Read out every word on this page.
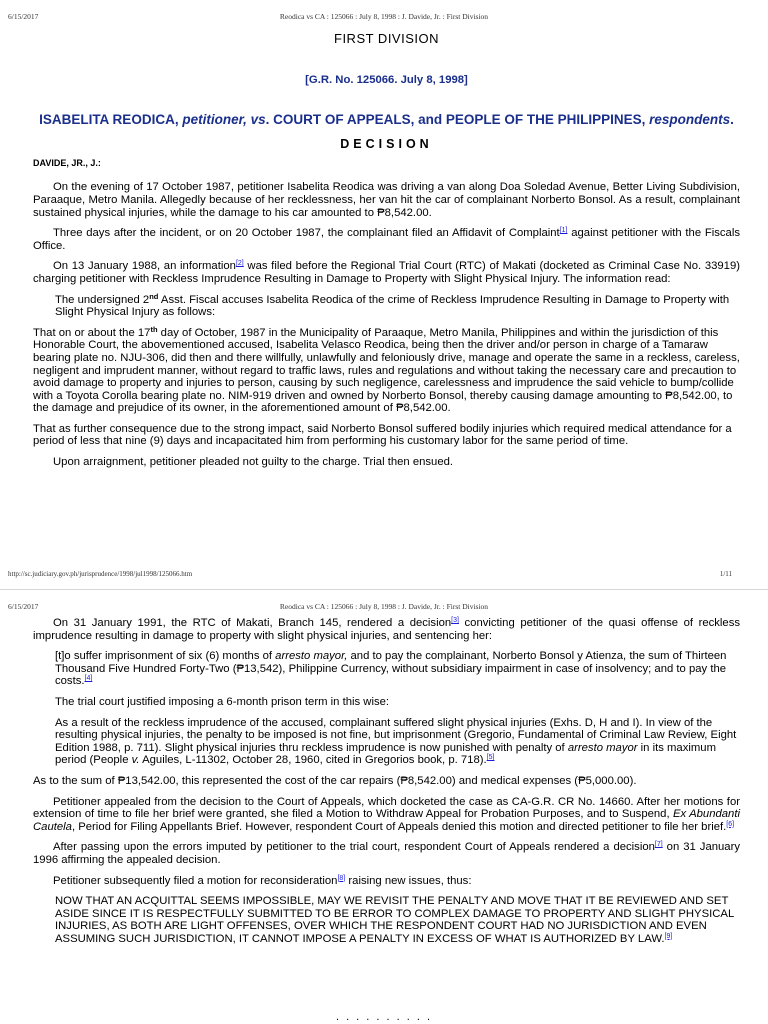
6/15/2017	Reodica vs CA : 125066 : July 8, 1998 : J. Davide, Jr. : First Division
FIRST DIVISION
[G.R. No. 125066. July 8, 1998]
ISABELITA REODICA, petitioner, vs. COURT OF APPEALS, and PEOPLE OF THE PHILIPPINES, respondents.
DECISION
DAVIDE, JR., J.:

On the evening of 17 October 1987, petitioner Isabelita Reodica was driving a van along Doa Soledad Avenue, Better Living Subdivision, Paraaque, Metro Manila. Allegedly because of her recklessness, her van hit the car of complainant Norberto Bonsol. As a result, complainant sustained physical injuries, while the damage to his car amounted to ₱8,542.00.

Three days after the incident, or on 20 October 1987, the complainant filed an Affidavit of Complaint[1] against petitioner with the Fiscals Office.

On 13 January 1988, an information[2] was filed before the Regional Trial Court (RTC) of Makati (docketed as Criminal Case No. 33919) charging petitioner with Reckless Imprudence Resulting in Damage to Property with Slight Physical Injury. The information read:

The undersigned 2nd Asst. Fiscal accuses Isabelita Reodica of the crime of Reckless Imprudence Resulting in Damage to Property with Slight Physical Injury as follows:

That on or about the 17th day of October, 1987 in the Municipality of Paraaque, Metro Manila, Philippines and within the jurisdiction of this Honorable Court, the abovementioned accused, Isabelita Velasco Reodica, being then the driver and/or person in charge of a Tamaraw bearing plate no. NJU-306, did then and there willfully, unlawfully and feloniously drive, manage and operate the same in a reckless, careless, negligent and imprudent manner, without regard to traffic laws, rules and regulations and without taking the necessary care and precaution to avoid damage to property and injuries to person, causing by such negligence, carelessness and imprudence the said vehicle to bump/collide with a Toyota Corolla bearing plate no. NIM-919 driven and owned by Norberto Bonsol, thereby causing damage amounting to ₱8,542.00, to the damage and prejudice of its owner, in the aforementioned amount of ₱8,542.00.

That as further consequence due to the strong impact, said Norberto Bonsol suffered bodily injuries which required medical attendance for a period of less that nine (9) days and incapacitated him from performing his customary labor for the same period of time.

Upon arraignment, petitioner pleaded not guilty to the charge. Trial then ensued.

http://sc.judiciary.gov.ph/jurisprudence/1998/jul1998/125066.htm	1/11
6/15/2017	Reodica vs CA : 125066 : July 8, 1998 : J. Davide, Jr. : First Division

On 31 January 1991, the RTC of Makati, Branch 145, rendered a decision[3] convicting petitioner of the quasi offense of reckless imprudence resulting in damage to property with slight physical injuries, and sentencing her:

[t]o suffer imprisonment of six (6) months of arresto mayor, and to pay the complainant, Norberto Bonsol y Atienza, the sum of Thirteen Thousand Five Hundred Forty-Two (₱13,542), Philippine Currency, without subsidiary impairment in case of insolvency; and to pay the costs.[4]

The trial court justified imposing a 6-month prison term in this wise:

As a result of the reckless imprudence of the accused, complainant suffered slight physical injuries (Exhs. D, H and I). In view of the resulting physical injuries, the penalty to be imposed is not fine, but imprisonment (Gregorio, Fundamental of Criminal Law Review, Eight Edition 1988, p. 711). Slight physical injuries thru reckless imprudence is now punished with penalty of arresto mayor in its maximum period (People v. Aguiles, L-11302, October 28, 1960, cited in Gregorios book, p. 718).[5]

As to the sum of ₱13,542.00, this represented the cost of the car repairs (₱8,542.00) and medical expenses (₱5,000.00).

Petitioner appealed from the decision to the Court of Appeals, which docketed the case as CA-G.R. CR No. 14660. After her motions for extension of time to file her brief were granted, she filed a Motion to Withdraw Appeal for Probation Purposes, and to Suspend, Ex Abundanti Cautela, Period for Filing Appellants Brief. However, respondent Court of Appeals denied this motion and directed petitioner to file her brief.[6]

After passing upon the errors imputed by petitioner to the trial court, respondent Court of Appeals rendered a decision[7] on 31 January 1996 affirming the appealed decision.

Petitioner subsequently filed a motion for reconsideration[8] raising new issues, thus:

NOW THAT AN ACQUITTAL SEEMS IMPOSSIBLE, MAY WE REVISIT THE PENALTY AND MOVE THAT IT BE REVIEWED AND SET ASIDE SINCE IT IS RESPECTFULLY SUBMITTED TO BE ERROR TO COMPLEX DAMAGE TO PROPERTY AND SLIGHT PHYSICAL INJURIES, AS BOTH ARE LIGHT OFFENSES, OVER WHICH THE RESPONDENT COURT HAD NO JURISDICTION AND EVEN ASSUMING SUCH JURISDICTION, IT CANNOT IMPOSE A PENALTY IN EXCESS OF WHAT IS AUTHORIZED BY LAW.[9]

. . . . . . . . . .
